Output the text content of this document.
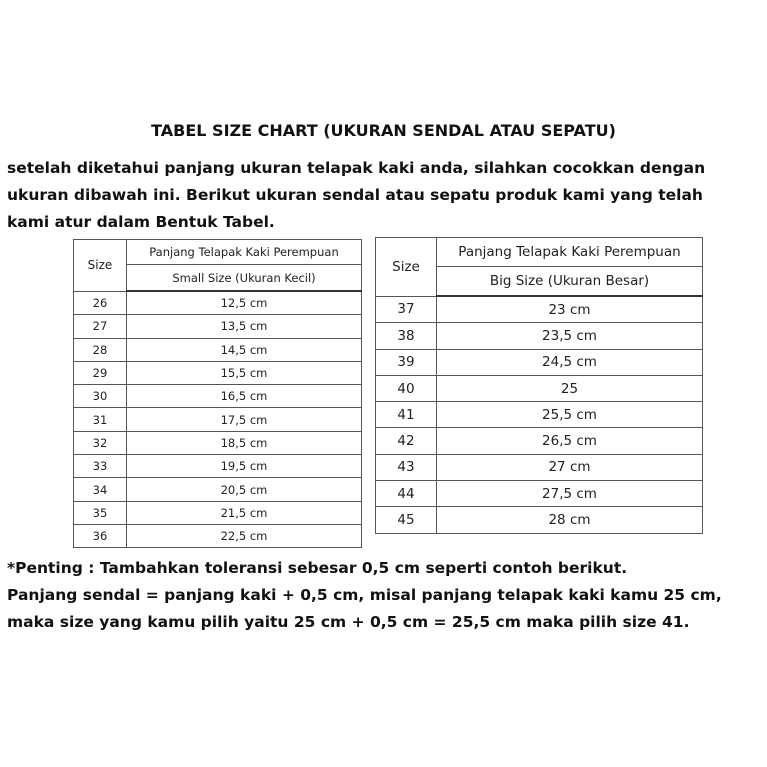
TABEL SIZE CHART (UKURAN SENDAL ATAU SEPATU)
setelah diketahui panjang ukuran telapak kaki anda, silahkan cocokkan dengan
ukuran dibawah ini. Berikut ukuran sendal atau sepatu produk kami yang telah
kami atur dalam Bentuk Tabel.
Size	Panjang Telapak Kaki Perempuan
	Small Size (Ukuran Kecil)
26	12,5 cm
27	13,5 cm
28	14,5 cm
29	15,5 cm
30	16,5 cm
31	17,5 cm
32	18,5 cm
33	19,5 cm
34	20,5 cm
35	21,5 cm
36	22,5 cm
Size	Panjang Telapak Kaki Perempuan
	Big Size (Ukuran Besar)
37	23 cm
38	23,5 cm
39	24,5 cm
40	25
41	25,5 cm
42	26,5 cm
43	27 cm
44	27,5 cm
45	28 cm
*Penting : Tambahkan toleransi sebesar 0,5 cm seperti contoh berikut.
Panjang sendal = panjang kaki + 0,5 cm, misal panjang telapak kaki kamu 25 cm,
maka size yang kamu pilih yaitu 25 cm + 0,5 cm = 25,5 cm maka pilih size 41.
